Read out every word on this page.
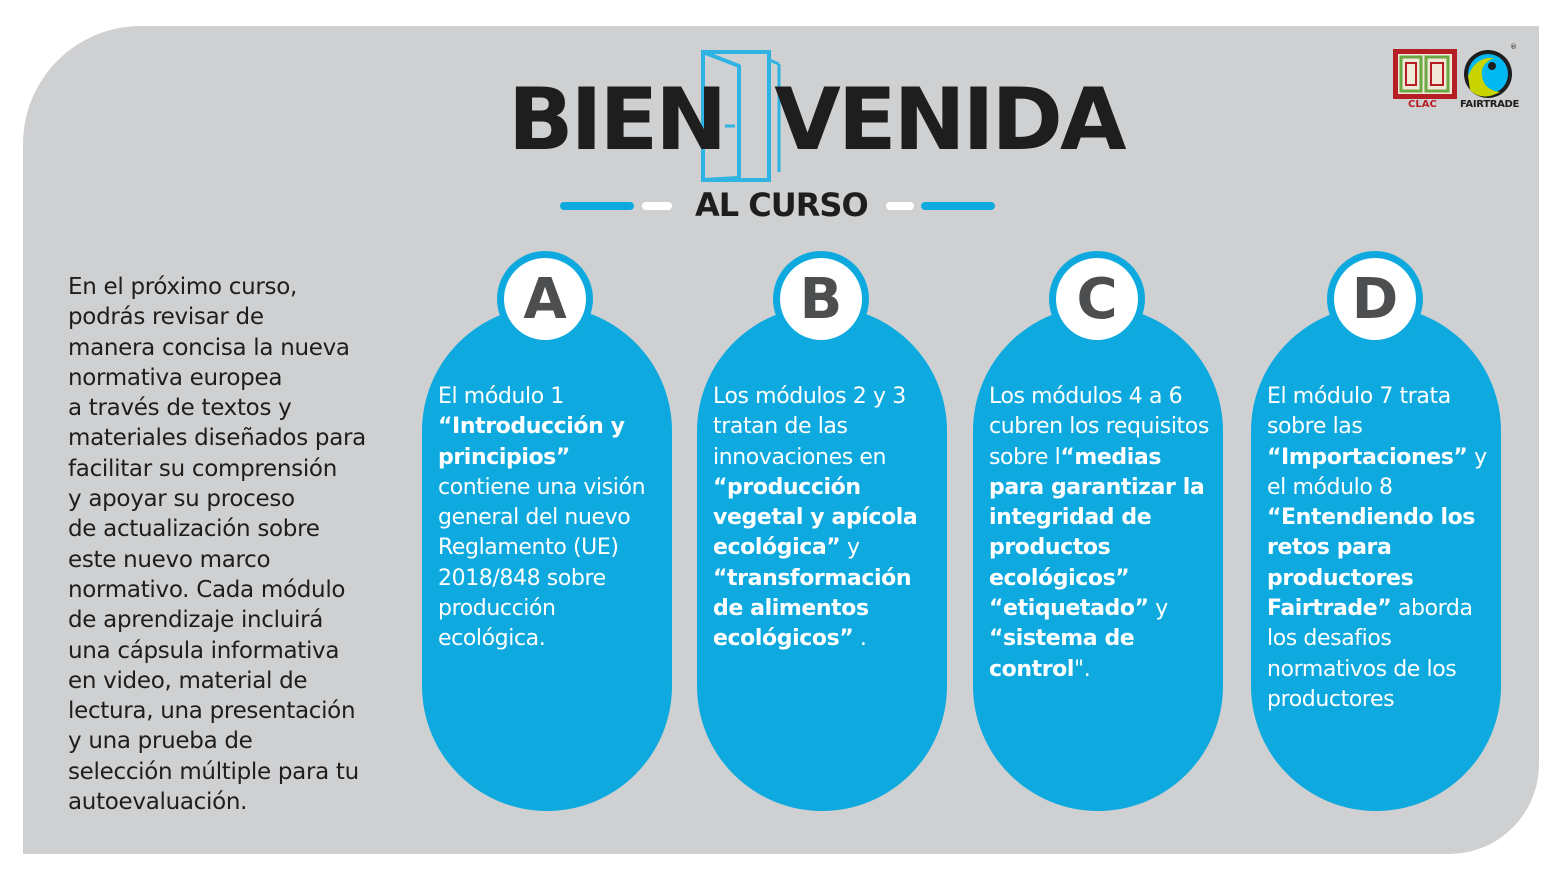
BIEN VENIDA
AL CURSO
CLAC FAIRTRADE
®

En el próximo curso,
podrás revisar de
manera concisa la nueva
normativa europea
a través de textos y
materiales diseñados para
facilitar su comprensión
y apoyar su proceso
de actualización sobre
este nuevo marco
normativo. Cada módulo
de aprendizaje incluirá
una cápsula informativa
en video, material de
lectura, una presentación
y una prueba de
selección múltiple para tu
autoevaluación.

El módulo 1
“Introducción y principios” contiene una visión general del nuevo Reglamento (UE) 2018/848 sobre producción ecológica.
A
Los módulos 2 y 3 tratan de las innovaciones en “producción vegetal y apícola ecológica” y “transformación de alimentos ecológicos” .
B
Los módulos 4 a 6 cubren los requisitos sobre l“medias para garantizar la integridad de productos ecológicos” “etiquetado” y “sistema de control".
C
El módulo 7 trata sobre las “Importaciones” y el módulo 8 “Entendiendo los retos para productores Fairtrade” aborda los desafios normativos de los productores
D
